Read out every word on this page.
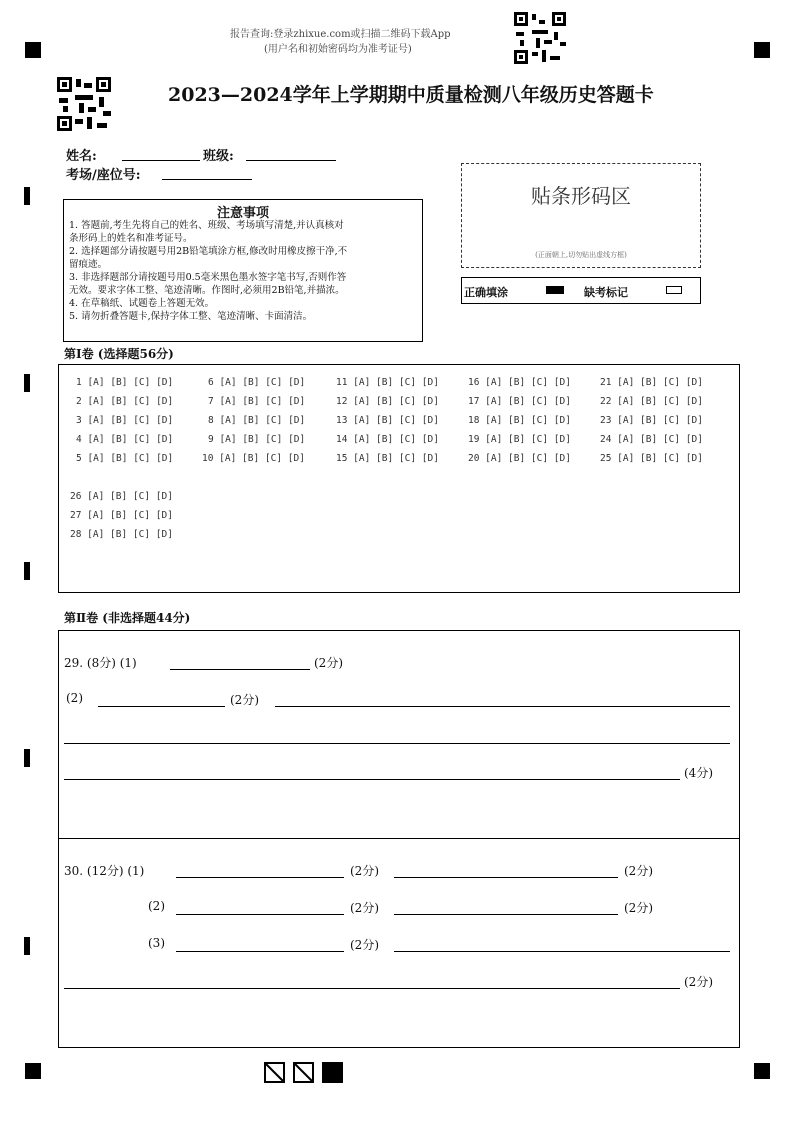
报告查询:登录zhixue.com或扫描二维码下载App
(用户名和初始密码均为准考证号)
2023—2024学年上学期期中质量检测八年级历史答题卡
姓名:	班级:
考场/座位号:
贴条形码区
(正面朝上,切勿贴出虚线方框)
正确填涂	缺考标记
注意事项
1. 答题前,考生先将自己的姓名、班级、考场填写清楚,并认真核对
条形码上的姓名和准考证号。
2. 选择题部分请按题号用2B铅笔填涂方框,修改时用橡皮擦干净,不
留痕迹。
3. 非选择题部分请按题号用0.5毫米黑色墨水签字笔书写,否则作答
无效。要求字体工整、笔迹清晰。作图时,必须用2B铅笔,并描浓。
4. 在草稿纸、试题卷上答题无效。
5. 请勿折叠答题卡,保持字体工整、笔迹清晰、卡面清洁。
第Ⅰ卷 (选择题56分)
1 [A] [B] [C] [D]
2 [A] [B] [C] [D]
3 [A] [B] [C] [D]
4 [A] [B] [C] [D]
5 [A] [B] [C] [D]
6 [A] [B] [C] [D]
7 [A] [B] [C] [D]
8 [A] [B] [C] [D]
9 [A] [B] [C] [D]
10 [A] [B] [C] [D]
11 [A] [B] [C] [D]
12 [A] [B] [C] [D]
13 [A] [B] [C] [D]
14 [A] [B] [C] [D]
15 [A] [B] [C] [D]
16 [A] [B] [C] [D]
17 [A] [B] [C] [D]
18 [A] [B] [C] [D]
19 [A] [B] [C] [D]
20 [A] [B] [C] [D]
21 [A] [B] [C] [D]
22 [A] [B] [C] [D]
23 [A] [B] [C] [D]
24 [A] [B] [C] [D]
25 [A] [B] [C] [D]
26 [A] [B] [C] [D]
27 [A] [B] [C] [D]
28 [A] [B] [C] [D]
第Ⅱ卷 (非选择题44分)
29. (8分) (1)	(2分)
(2)	(2分)
(4分)
30. (12分) (1)	(2分)	(2分)
(2)	(2分)	(2分)
(3)	(2分)
(2分)
